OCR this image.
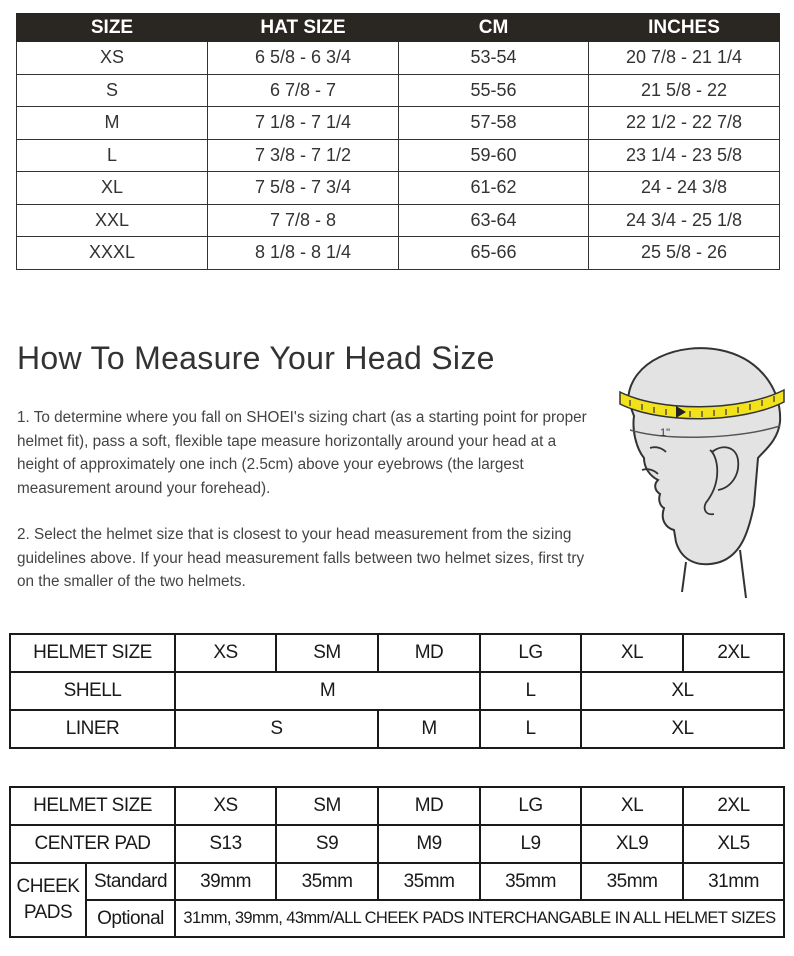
SIZE	HAT SIZE	CM	INCHES
XS	6 5/8 - 6 3/4	53-54	20 7/8 - 21 1/4
S	6 7/8 - 7	55-56	21 5/8 - 22
M	7 1/8 - 7 1/4	57-58	22 1/2 - 22 7/8
L	7 3/8 - 7 1/2	59-60	23 1/4 - 23 5/8
XL	7 5/8 - 7 3/4	61-62	24 - 24 3/8
XXL	7 7/8 - 8	63-64	24 3/4 - 25 1/8
XXXL	8 1/8 - 8 1/4	65-66	25 5/8 - 26
How To Measure Your Head Size

1. To determine where you fall on SHOEI's sizing chart (as a starting point for proper helmet fit), pass a soft, flexible tape measure horizontally around your head at a height of approximately one inch (2.5cm) above your eyebrows (the largest measurement around your forehead).

2. Select the helmet size that is closest to your head measurement from the sizing guidelines above. If your head measurement falls between two helmet sizes, first try on the smaller of the two helmets.

1"
HELMET SIZE	XS	SM	MD	LG	XL	2XL
SHELL	M			L	XL	
LINER	S		M	L	XL	
HELMET SIZE		XS	SM	MD	LG	XL	2XL
CENTER PAD		S13	S9	M9	L9	XL9	XL5
CHEEK
PADS	Standard	39mm	35mm	35mm	35mm	35mm	31mm
	Optional	31mm, 39mm, 43mm/ALL CHEEK PADS INTERCHANGABLE IN ALL HELMET SIZES					
